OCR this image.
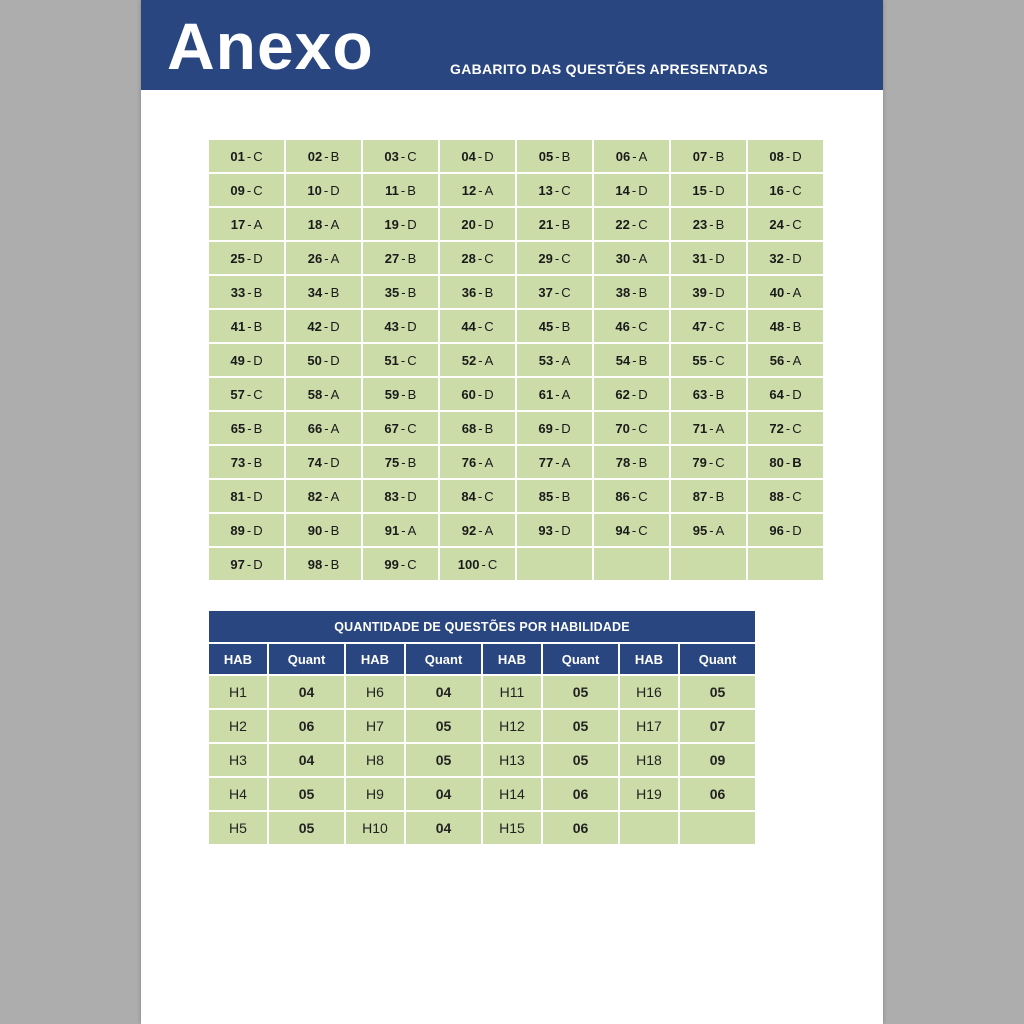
Anexo	GABARITO DAS QUESTÕES APRESENTADAS
01 - C	02 - B	03 - C	04 - D	05 - B	06 - A	07 - B	08 - D
09 - C	10 - D	11 - B	12 - A	13 - C	14 - D	15 - D	16 - C
17 - A	18 - A	19 - D	20 - D	21 - B	22 - C	23 - B	24 - C
25 - D	26 - A	27 - B	28 - C	29 - C	30 - A	31 - D	32 - D
33 - B	34 - B	35 - B	36 - B	37 - C	38 - B	39 - D	40 - A
41 - B	42 - D	43 - D	44 - C	45 - B	46 - C	47 - C	48 - B
49 - D	50 - D	51 - C	52 - A	53 - A	54 - B	55 - C	56 - A
57 - C	58 - A	59 - B	60 - D	61 - A	62 - D	63 - B	64 - D
65 - B	66 - A	67 - C	68 - B	69 - D	70 - C	71 - A	72 - C
73 - B	74 - D	75 - B	76 - A	77 - A	78 - B	79 - C	80 - B
81 - D	82 - A	83 - D	84 - C	85 - B	86 - C	87 - B	88 - C
89 - D	90 - B	91 - A	92 - A	93 - D	94 - C	95 - A	96 - D
97 - D	98 - B	99 - C	100 - C				
QUANTIDADE DE QUESTÕES POR HABILIDADE							
HAB	Quant	HAB	Quant	HAB	Quant	HAB	Quant
H1	04	H6	04	H11	05	H16	05
H2	06	H7	05	H12	05	H17	07
H3	04	H8	05	H13	05	H18	09
H4	05	H9	04	H14	06	H19	06
H5	05	H10	04	H15	06		
